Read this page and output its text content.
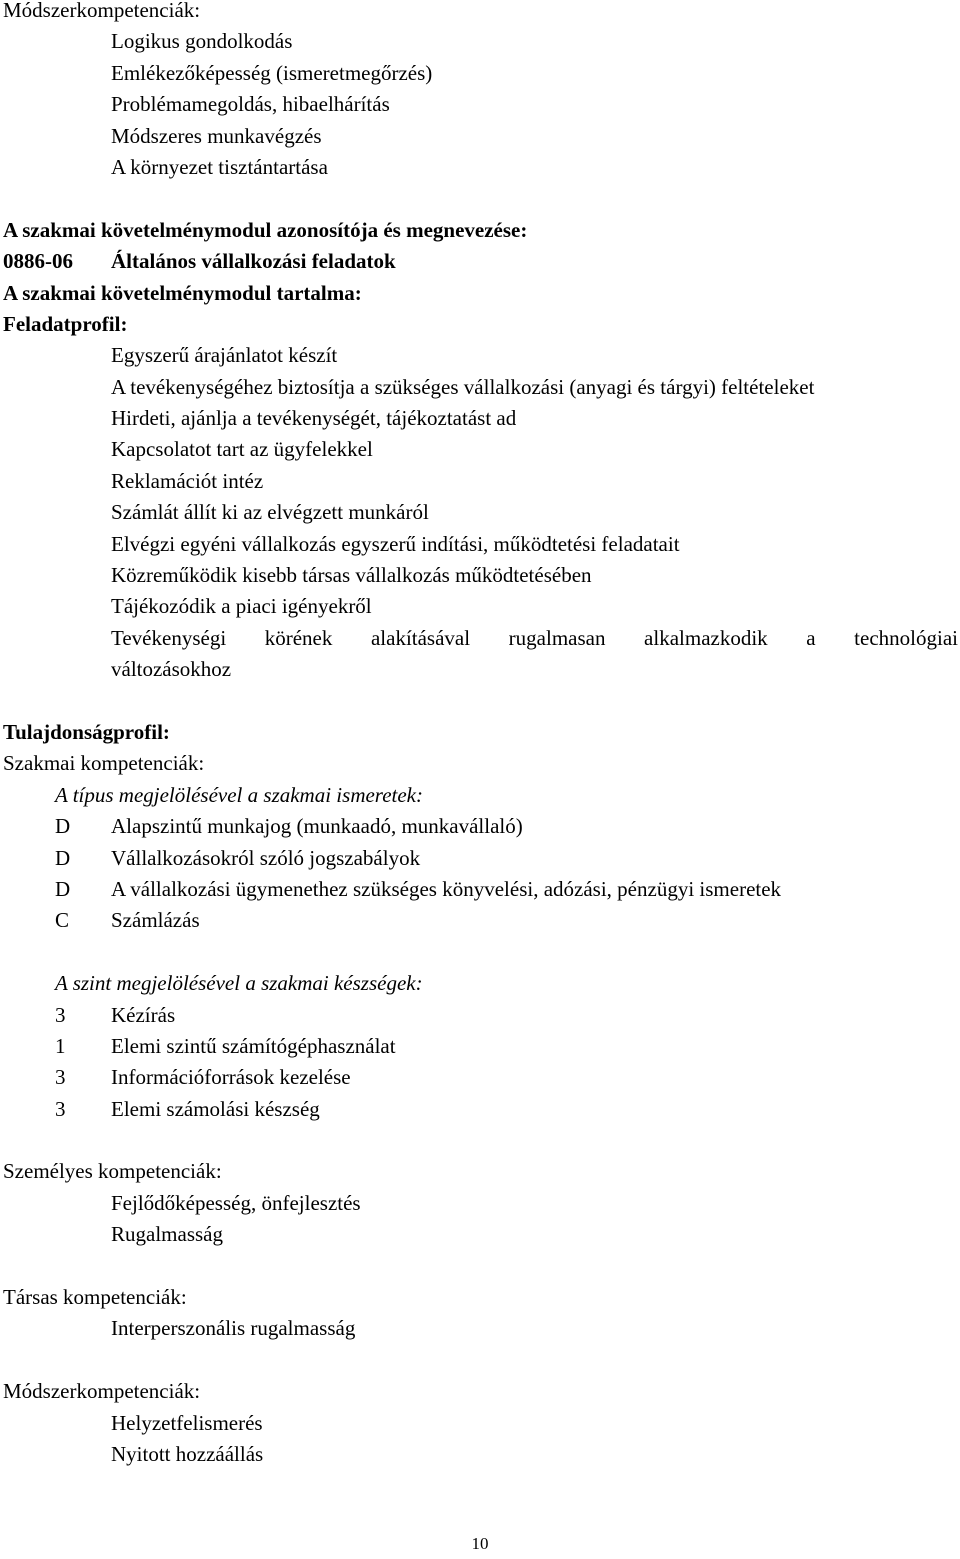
Módszerkompetenciák:
Logikus gondolkodás
Emlékezőképesség (ismeretmegőrzés)
Problémamegoldás, hibaelhárítás
Módszeres munkavégzés
A környezet tisztántartása
A szakmai követelménymodul azonosítója és megnevezése:
0886-06 Általános vállalkozási feladatok
A szakmai követelménymodul tartalma:
Feladatprofil:
Egyszerű árajánlatot készít
A tevékenységéhez biztosítja a szükséges vállalkozási (anyagi és tárgyi) feltételeket
Hirdeti, ajánlja a tevékenységét, tájékoztatást ad
Kapcsolatot tart az ügyfelekkel
Reklamációt intéz
Számlát állít ki az elvégzett munkáról
Elvégzi egyéni vállalkozás egyszerű indítási, működtetési feladatait
Közreműködik kisebb társas vállalkozás működtetésében
Tájékozódik a piaci igényekről
Tevékenységi körének alakításával rugalmasan alkalmazkodik a technológiai
változásokhoz
Tulajdonságprofil:
Szakmai kompetenciák:
A típus megjelölésével a szakmai ismeretek:
D	Alapszintű munkajog (munkaadó, munkavállaló)
D	Vállalkozásokról szóló jogszabályok
D	A vállalkozási ügymenethez szükséges könyvelési, adózási, pénzügyi ismeretek
C	Számlázás
A szint megjelölésével a szakmai készségek:
3	Kézírás
1	Elemi szintű számítógéphasználat
3	Információforrások kezelése
3	Elemi számolási készség
Személyes kompetenciák:
Fejlődőképesség, önfejlesztés
Rugalmasság
Társas kompetenciák:
Interperszonális rugalmasság
Módszerkompetenciák:
Helyzetfelismerés
Nyitott hozzáállás
10
